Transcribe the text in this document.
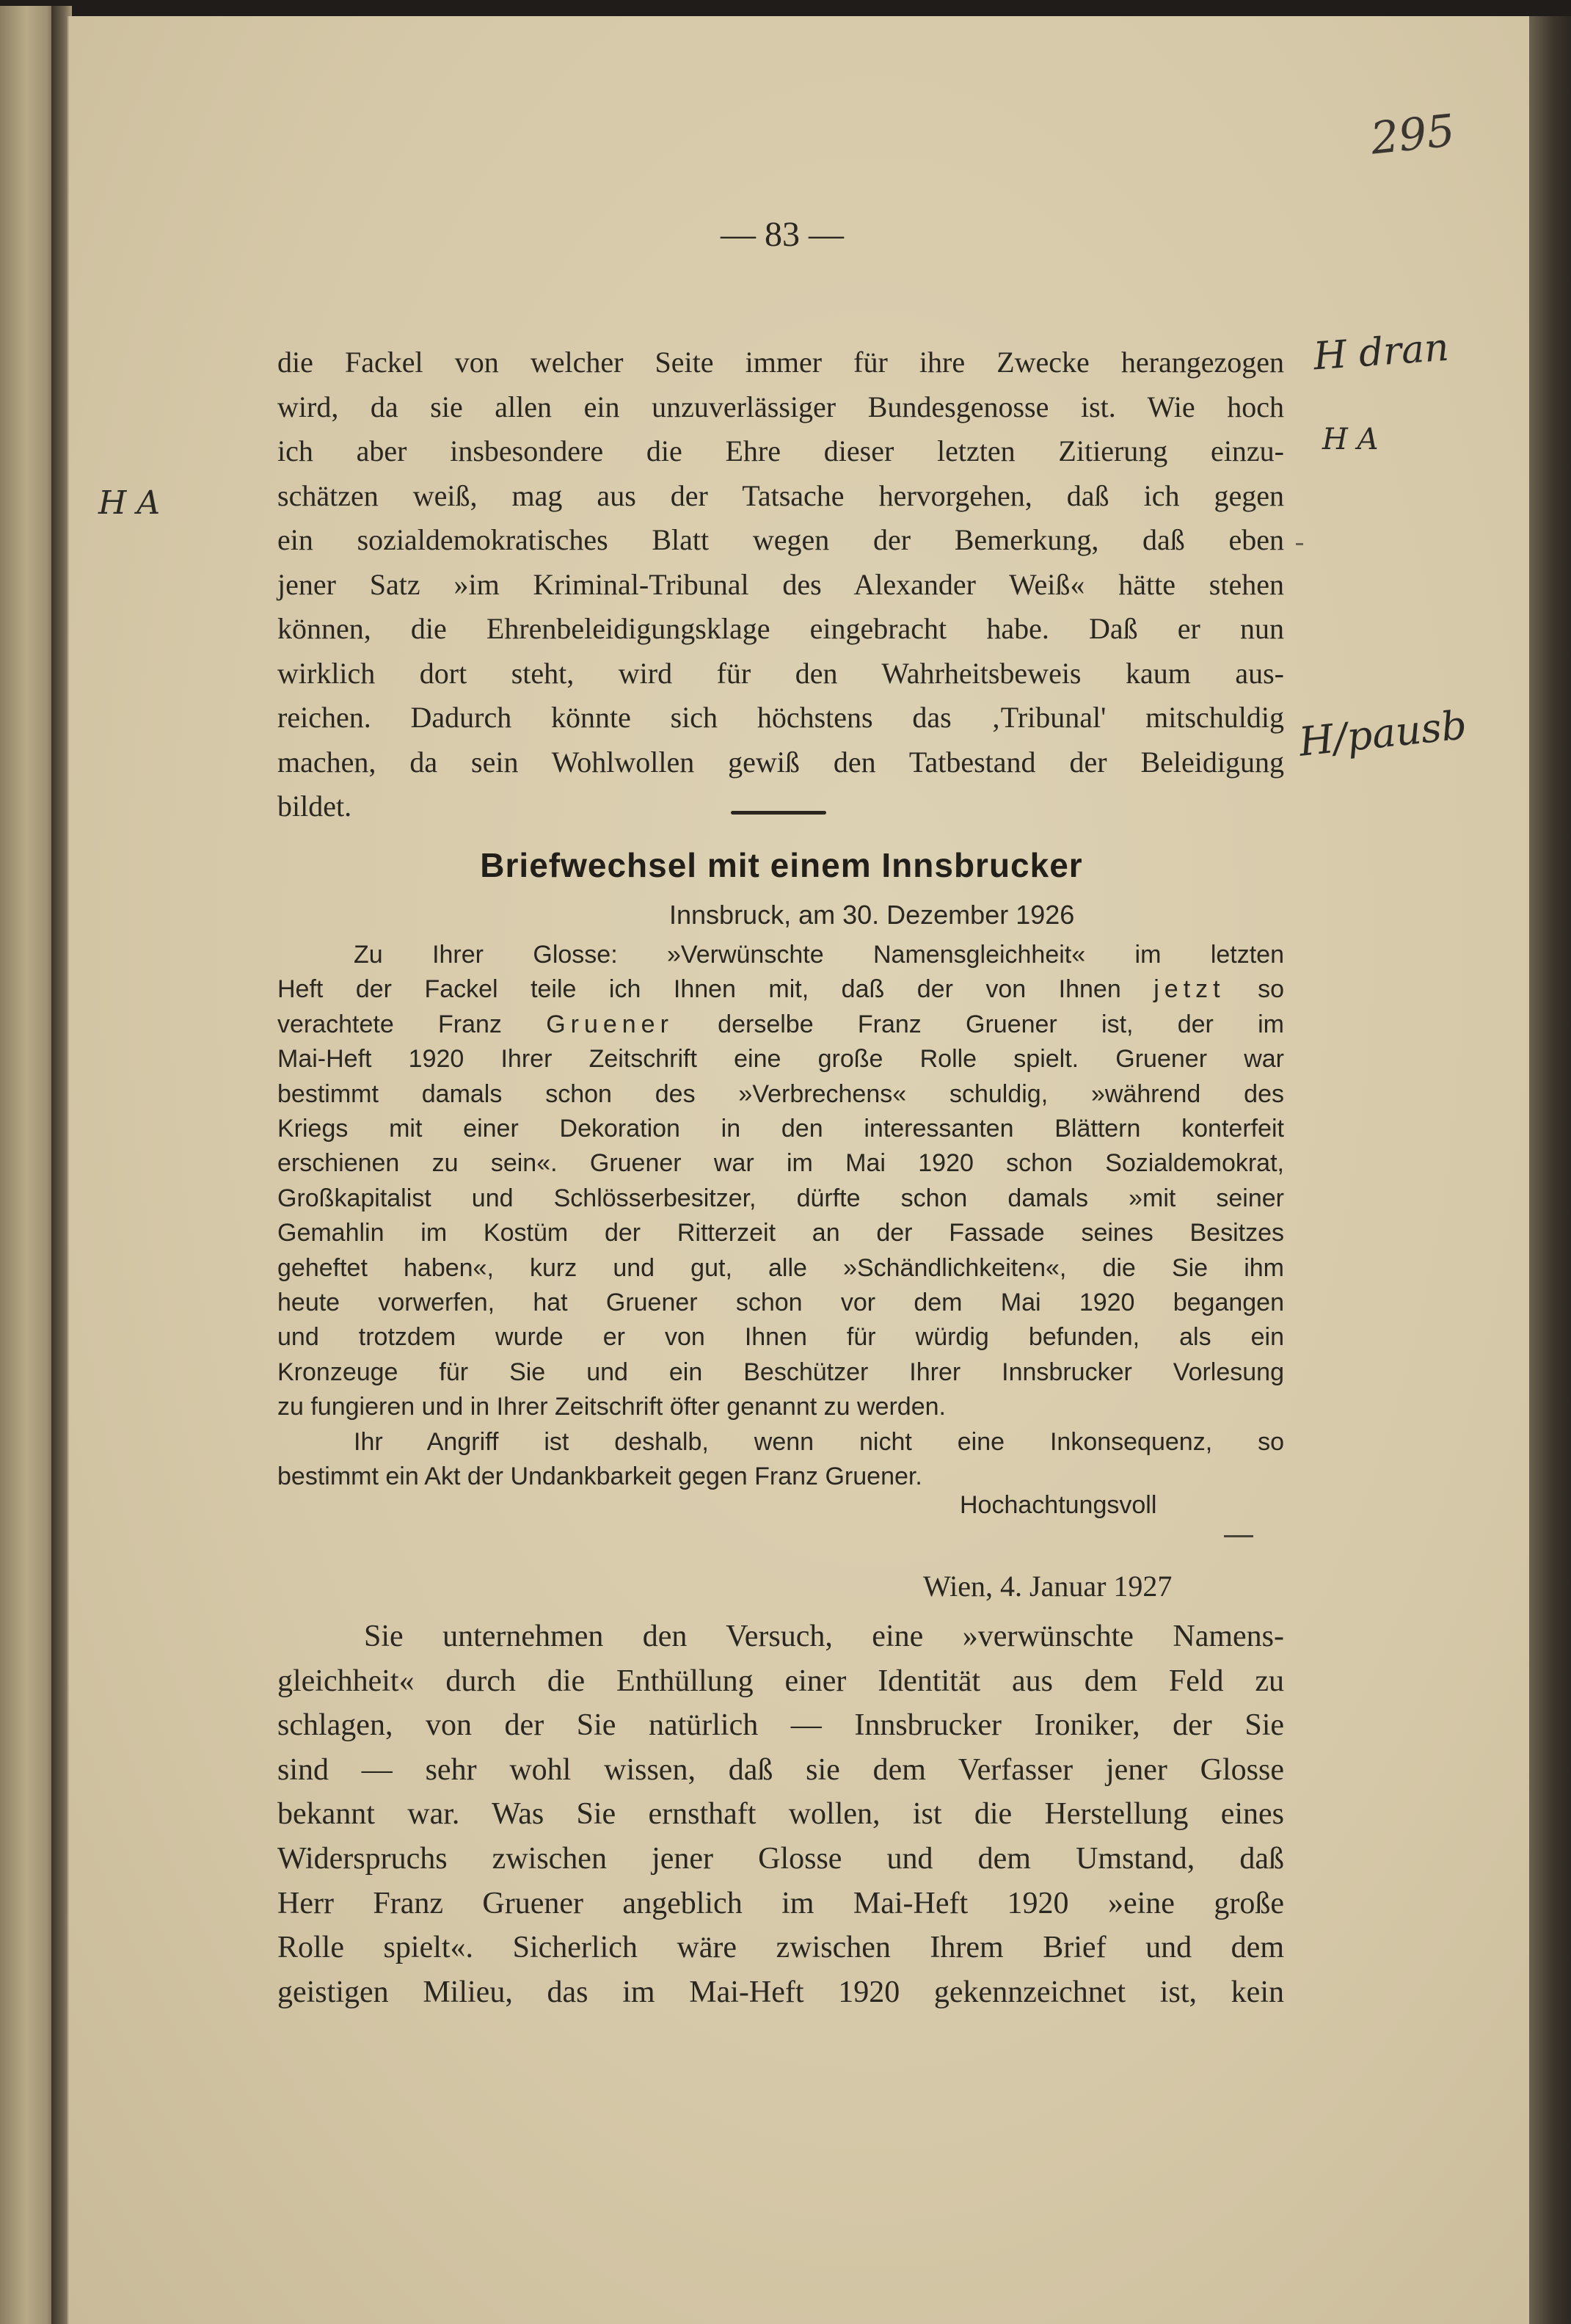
295
— 83 —
die Fackel von welcher Seite immer für ihre Zwecke herangezogen
wird, da sie allen ein unzuverlässiger Bundesgenosse ist. Wie hoch
ich aber insbesondere die Ehre dieser letzten Zitierung einzu-
schätzen weiß, mag aus der Tatsache hervorgehen, daß ich gegen
ein sozialdemokratisches Blatt wegen der Bemerkung, daß eben
jener Satz »im Kriminal-Tribunal des Alexander Weiß« hätte stehen
können, die Ehrenbeleidigungsklage eingebracht habe. Daß er nun
wirklich dort steht, wird für den Wahrheitsbeweis kaum aus-
reichen. Dadurch könnte sich höchstens das ‚Tribunal' mitschuldig
machen, da sein Wohlwollen gewiß den Tatbestand der Beleidigung
bildet.
Briefwechsel mit einem Innsbrucker
Innsbruck, am 30. Dezember 1926
Zu Ihrer Glosse: »Verwünschte Namensgleichheit« im letzten
Heft der Fackel teile ich Ihnen mit, daß der von Ihnen jetzt so
verachtete Franz Gruener derselbe Franz Gruener ist, der im
Mai-Heft 1920 Ihrer Zeitschrift eine große Rolle spielt. Gruener war
bestimmt damals schon des »Verbrechens« schuldig, »während des
Kriegs mit einer Dekoration in den interessanten Blättern konterfeit
erschienen zu sein«. Gruener war im Mai 1920 schon Sozialdemokrat,
Großkapitalist und Schlösserbesitzer, dürfte schon damals »mit seiner
Gemahlin im Kostüm der Ritterzeit an der Fassade seines Besitzes
geheftet haben«, kurz und gut, alle »Schändlichkeiten«, die Sie ihm
heute vorwerfen, hat Gruener schon vor dem Mai 1920 begangen
und trotzdem wurde er von Ihnen für würdig befunden, als ein
Kronzeuge für Sie und ein Beschützer Ihrer Innsbrucker Vorlesung
zu fungieren und in Ihrer Zeitschrift öfter genannt zu werden.
Ihr Angriff ist deshalb, wenn nicht eine Inkonsequenz, so
bestimmt ein Akt der Undankbarkeit gegen Franz Gruener.
Hochachtungsvoll
Wien, 4. Januar 1927
Sie unternehmen den Versuch, eine »verwünschte Namens-
gleichheit« durch die Enthüllung einer Identität aus dem Feld zu
schlagen, von der Sie natürlich — Innsbrucker Ironiker, der Sie
sind — sehr wohl wissen, daß sie dem Verfasser jener Glosse
bekannt war. Was Sie ernsthaft wollen, ist die Herstellung eines
Widerspruchs zwischen jener Glosse und dem Umstand, daß
Herr Franz Gruener angeblich im Mai-Heft 1920 »eine große
Rolle spielt«. Sicherlich wäre zwischen Ihrem Brief und dem
geistigen Milieu, das im Mai-Heft 1920 gekennzeichnet ist, kein
H dran
H A
H A
H/pausb
